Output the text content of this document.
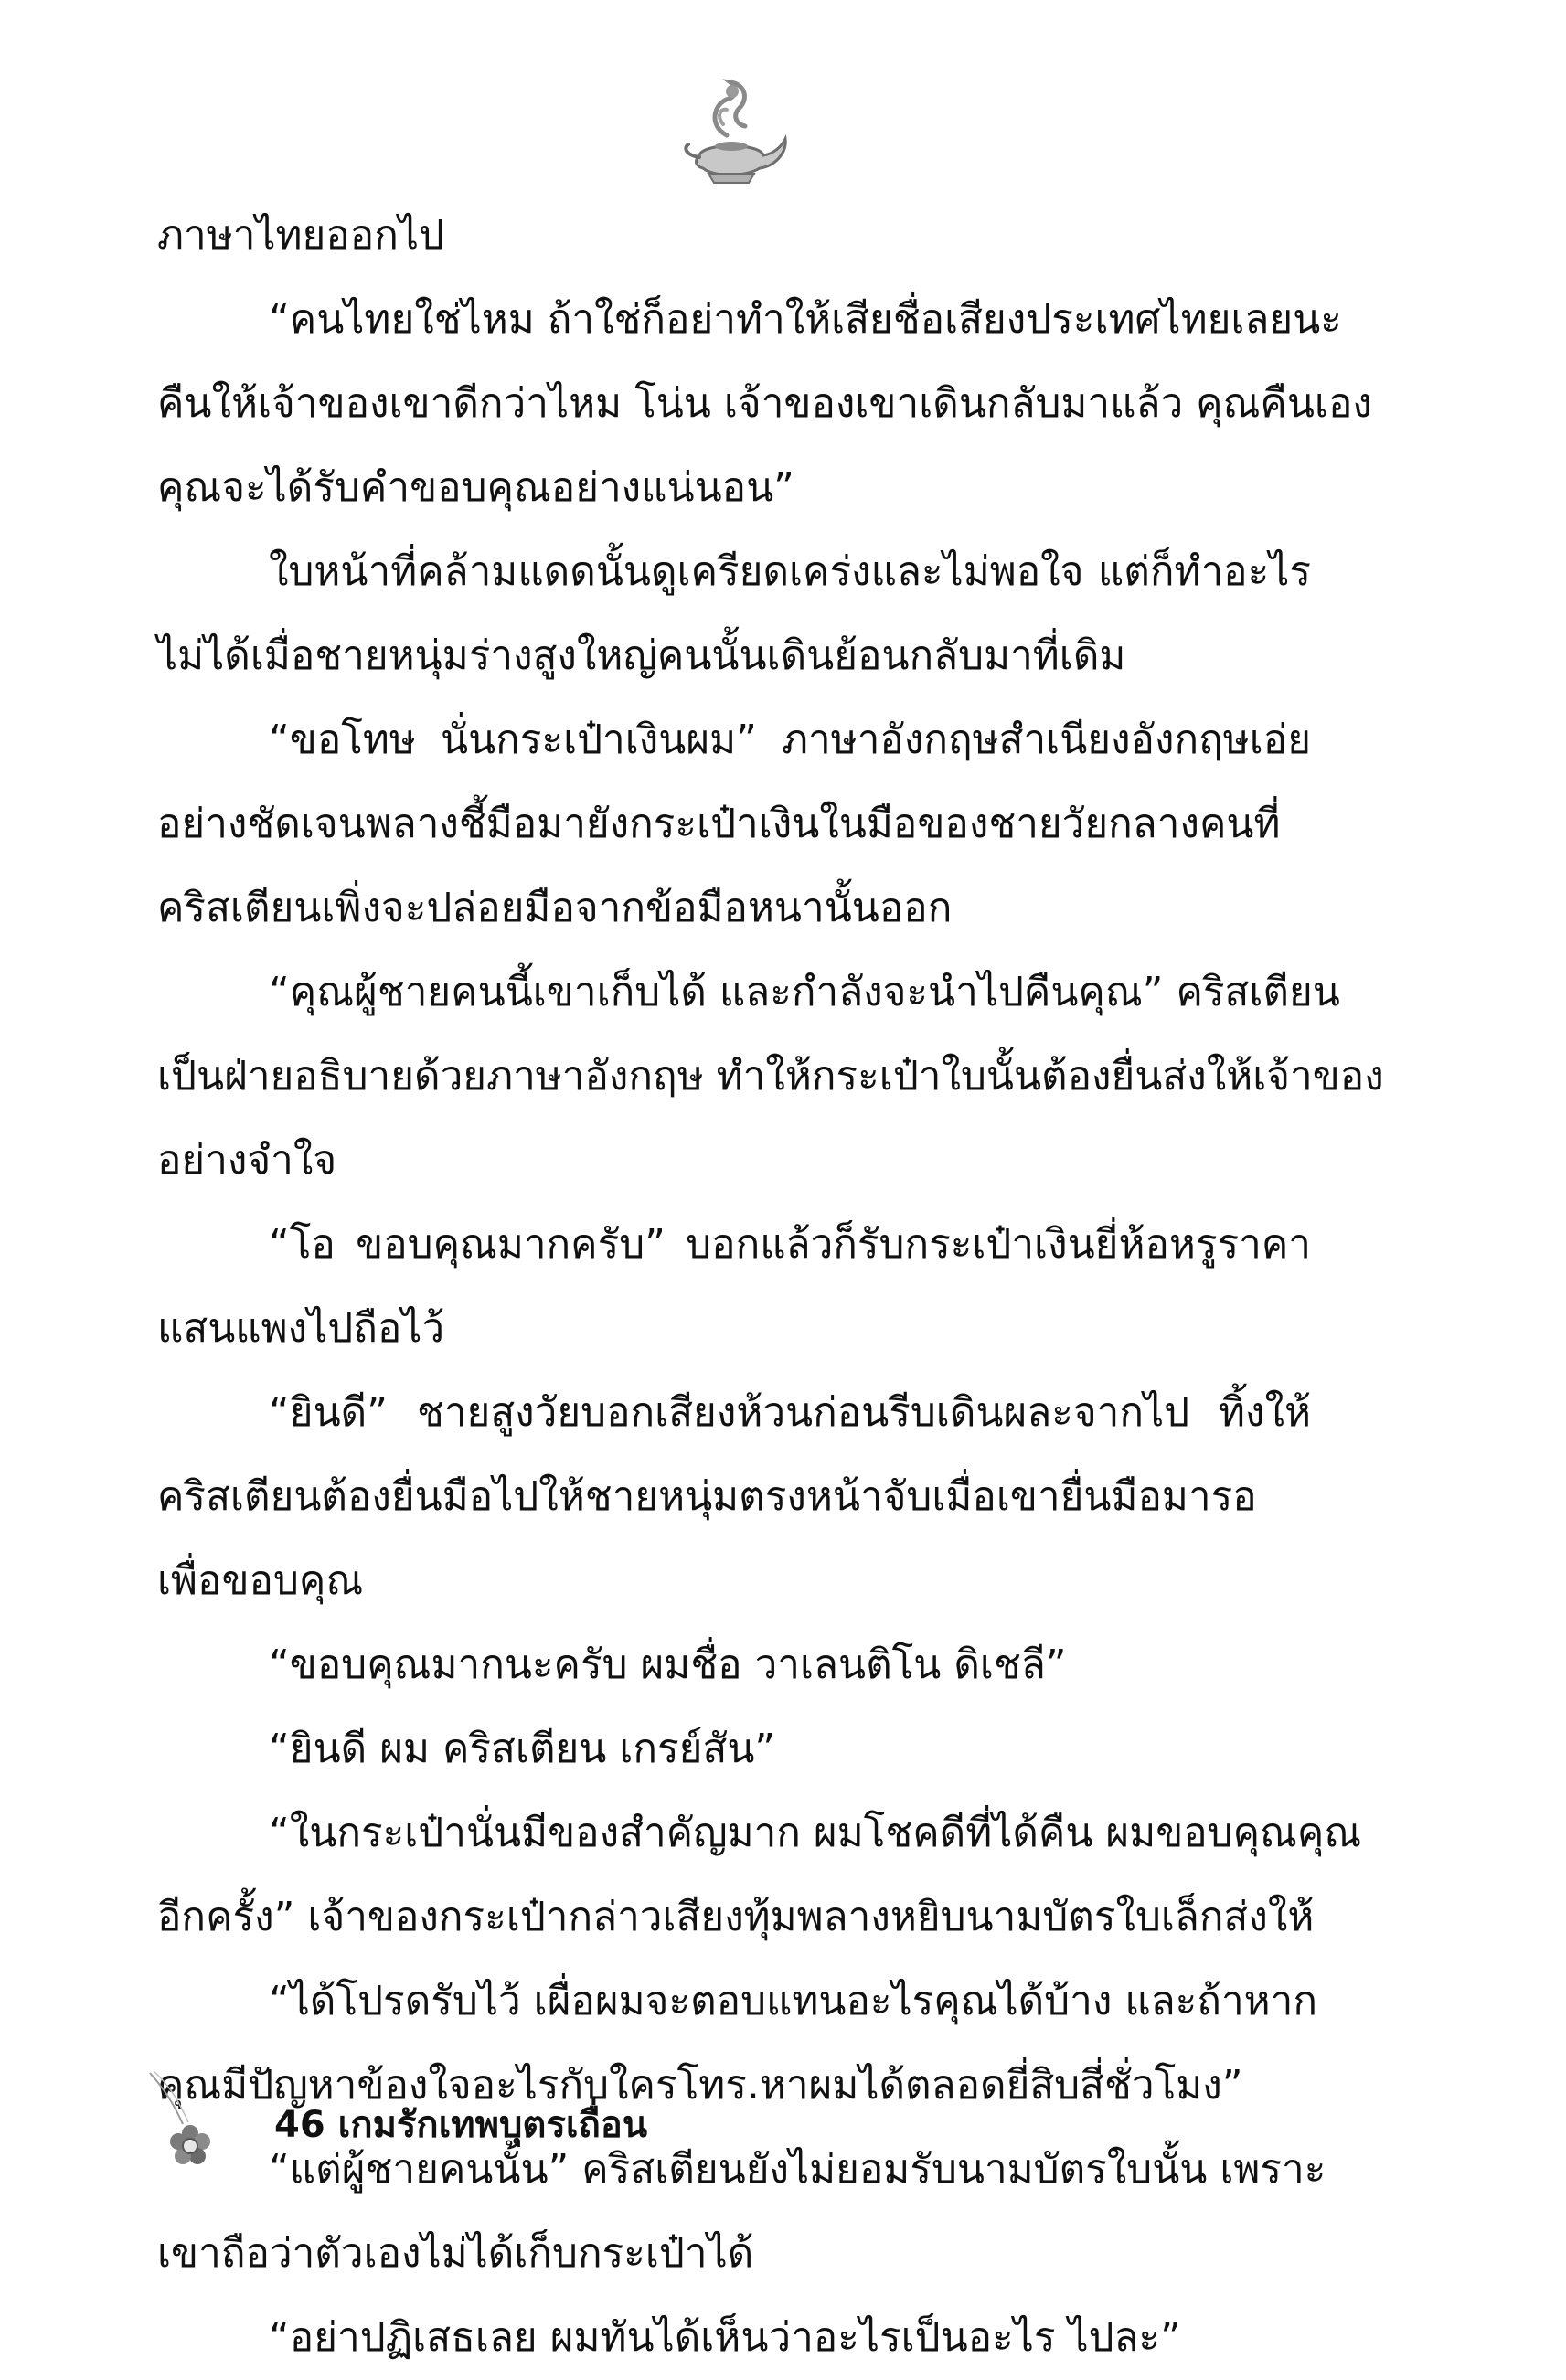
ภาษาไทยออกไป
“คนไทยใช่ไหม ถ้าใช่ก็อย่าทำให้เสียชื่อเสียงประเทศไทยเลยนะ
คืนให้เจ้าของเขาดีกว่าไหม โน่น เจ้าของเขาเดินกลับมาแล้ว คุณคืนเอง
คุณจะได้รับคำขอบคุณอย่างแน่นอน”
ใบหน้าที่คล้ามแดดนั้นดูเครียดเคร่งและไม่พอใจ แต่ก็ทำอะไร
ไม่ได้เมื่อชายหนุ่มร่างสูงใหญ่คนนั้นเดินย้อนกลับมาที่เดิม
“ขอโทษ นั่นกระเป๋าเงินผม” ภาษาอังกฤษสำเนียงอังกฤษเอ่ย
อย่างชัดเจนพลางชี้มือมายังกระเป๋าเงินในมือของชายวัยกลางคนที่
คริสเตียนเพิ่งจะปล่อยมือจากข้อมือหนานั้นออก
“คุณผู้ชายคนนี้เขาเก็บได้ และกำลังจะนำไปคืนคุณ” คริสเตียน
เป็นฝ่ายอธิบายด้วยภาษาอังกฤษ ทำให้กระเป๋าใบนั้นต้องยื่นส่งให้เจ้าของ
อย่างจำใจ
“โอ ขอบคุณมากครับ” บอกแล้วก็รับกระเป๋าเงินยี่ห้อหรูราคา
แสนแพงไปถือไว้
“ยินดี” ชายสูงวัยบอกเสียงห้วนก่อนรีบเดินผละจากไป ทิ้งให้
คริสเตียนต้องยื่นมือไปให้ชายหนุ่มตรงหน้าจับเมื่อเขายื่นมือมารอ
เพื่อขอบคุณ
“ขอบคุณมากนะครับ ผมชื่อ วาเลนติโน ดิเชลี”
“ยินดี ผม คริสเตียน เกรย์สัน”
“ในกระเป๋านั่นมีของสำคัญมาก ผมโชคดีที่ได้คืน ผมขอบคุณคุณ
อีกครั้ง” เจ้าของกระเป๋ากล่าวเสียงทุ้มพลางหยิบนามบัตรใบเล็กส่งให้
“ได้โปรดรับไว้ เผื่อผมจะตอบแทนอะไรคุณได้บ้าง และถ้าหาก
คุณมีปัญหาข้องใจอะไรกับใครโทร.หาผมได้ตลอดยี่สิบสี่ชั่วโมง”
“แต่ผู้ชายคนนั้น” คริสเตียนยังไม่ยอมรับนามบัตรใบนั้น เพราะ
เขาถือว่าตัวเองไม่ได้เก็บกระเป๋าได้
“อย่าปฏิเสธเลย ผมทันได้เห็นว่าอะไรเป็นอะไร ไปละ”
46 เกมรักเทพบุตรเถื่อน
